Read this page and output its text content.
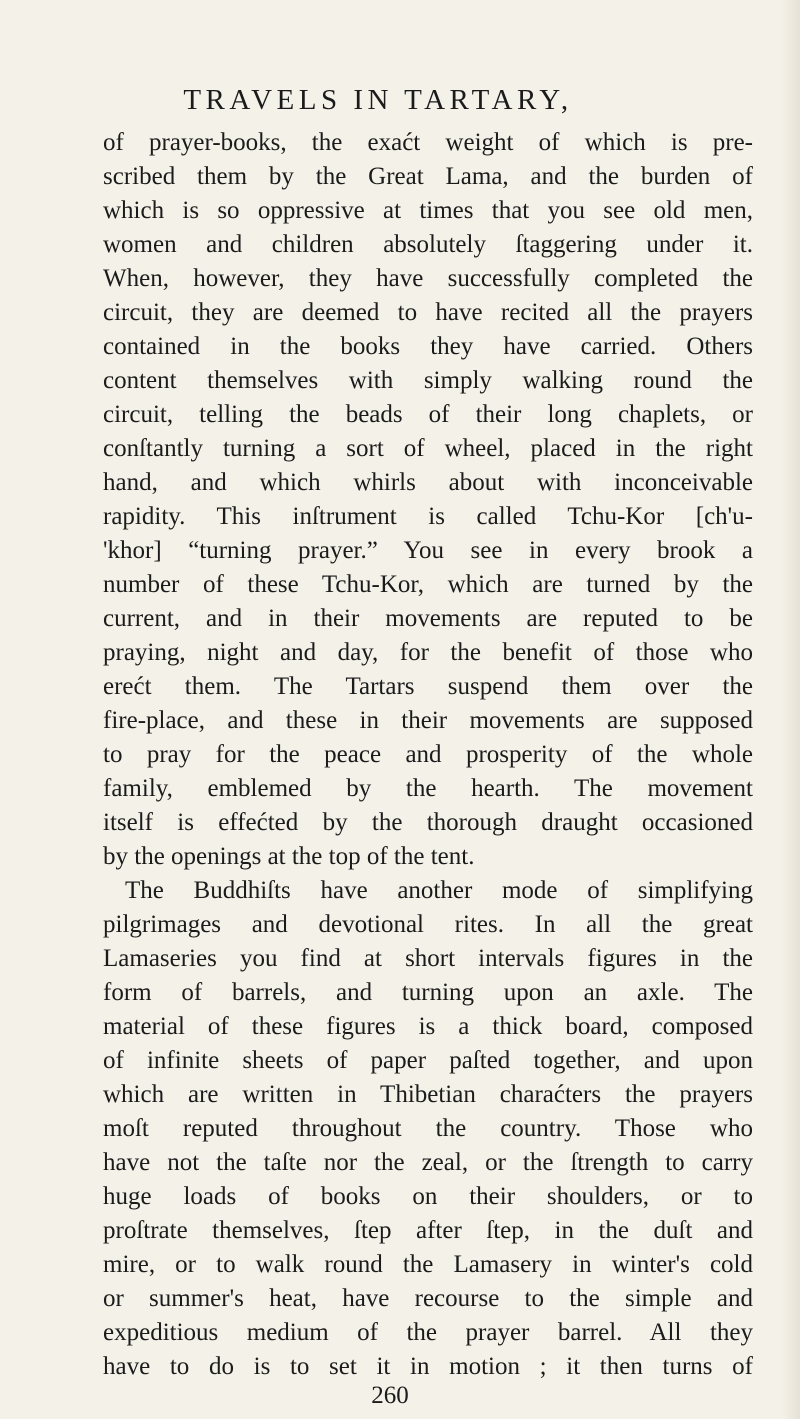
TRAVELS IN TARTARY,
of prayer-books, the exaćt weight of which is pre-
scribed them by the Great Lama, and the burden of
which is so oppressive at times that you see old men,
women and children absolutely ſtaggering under it.
When, however, they have successfully completed the
circuit, they are deemed to have recited all the prayers
contained in the books they have carried. Others
content themselves with simply walking round the
circuit, telling the beads of their long chaplets, or
conſtantly turning a sort of wheel, placed in the right
hand, and which whirls about with inconceivable
rapidity. This inſtrument is called Tchu-Kor [ch'u-
'khor] “turning prayer.” You see in every brook a
number of these Tchu-Kor, which are turned by the
current, and in their movements are reputed to be
praying, night and day, for the benefit of those who
erećt them. The Tartars suspend them over the
fire-place, and these in their movements are supposed
to pray for the peace and prosperity of the whole
family, emblemed by the hearth. The movement
itself is effećted by the thorough draught occasioned
by the openings at the top of the tent.
The Buddhiſts have another mode of simplifying
pilgrimages and devotional rites. In all the great
Lamaseries you find at short intervals figures in the
form of barrels, and turning upon an axle. The
material of these figures is a thick board, composed
of infinite sheets of paper paſted together, and upon
which are written in Thibetian charaćters the prayers
moſt reputed throughout the country. Those who
have not the taſte nor the zeal, or the ſtrength to carry
huge loads of books on their shoulders, or to
proſtrate themselves, ſtep after ſtep, in the duſt and
mire, or to walk round the Lamasery in winter's cold
or summer's heat, have recourse to the simple and
expeditious medium of the prayer barrel. All they
have to do is to set it in motion ; it then turns of
260
